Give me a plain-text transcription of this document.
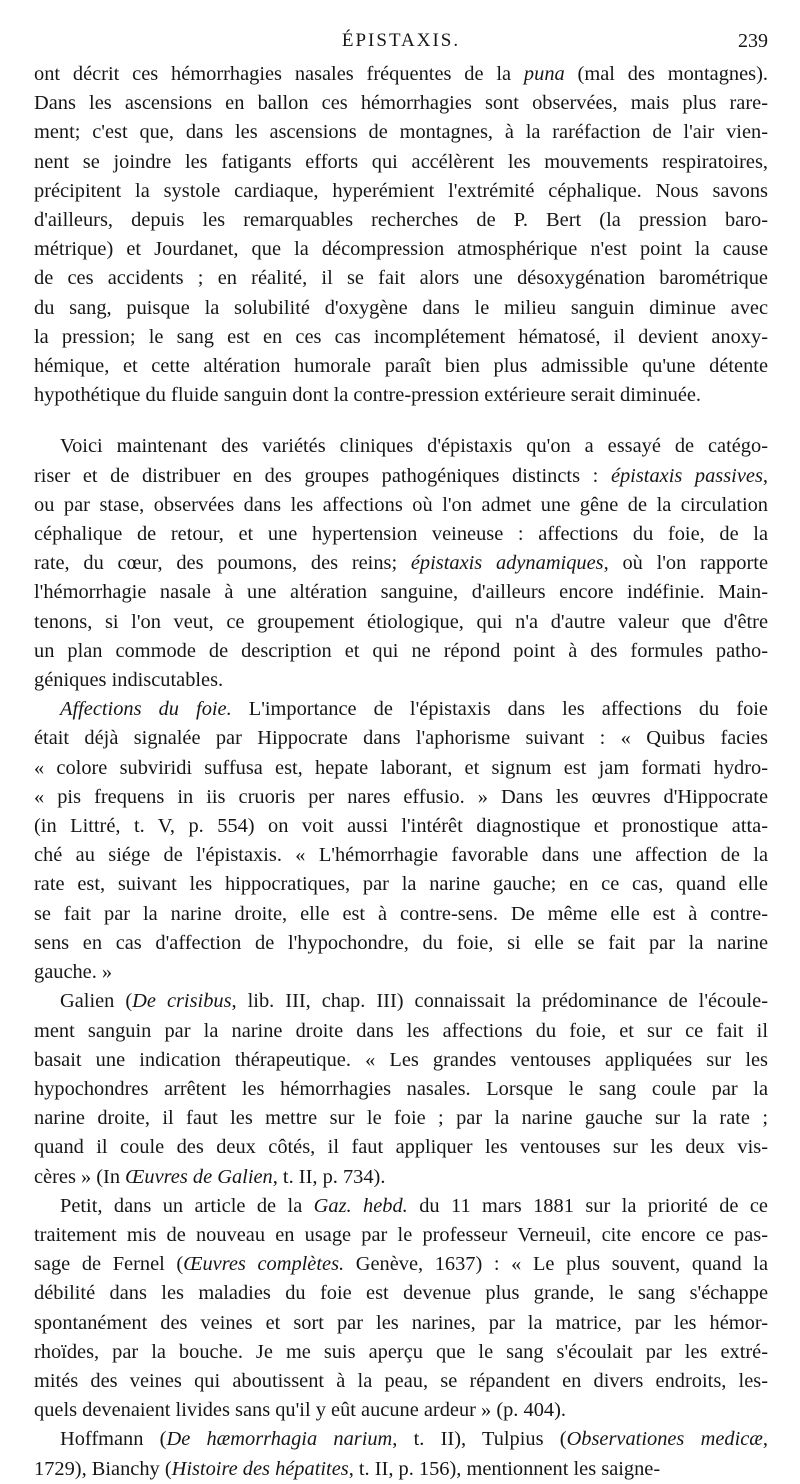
ÉPISTAXIS.	239

ont décrit ces hémorrhagies nasales fréquentes de la puna (mal des montagnes).
Dans les ascensions en ballon ces hémorrhagies sont observées, mais plus rare-
ment; c'est que, dans les ascensions de montagnes, à la raréfaction de l'air vien-
nent se joindre les fatigants efforts qui accélèrent les mouvements respiratoires,
précipitent la systole cardiaque, hyperémient l'extrémité céphalique. Nous savons
d'ailleurs, depuis les remarquables recherches de P. Bert (la pression baro-
métrique) et Jourdanet, que la décompression atmosphérique n'est point la cause
de ces accidents ; en réalité, il se fait alors une désoxygénation barométrique
du sang, puisque la solubilité d'oxygène dans le milieu sanguin diminue avec
la pression; le sang est en ces cas incomplétement hématosé, il devient anoxy-
hémique, et cette altération humorale paraît bien plus admissible qu'une détente
hypothétique du fluide sanguin dont la contre-pression extérieure serait diminuée.

Voici maintenant des variétés cliniques d'épistaxis qu'on a essayé de catégo-
riser et de distribuer en des groupes pathogéniques distincts : épistaxis passives,
ou par stase, observées dans les affections où l'on admet une gêne de la circulation
céphalique de retour, et une hypertension veineuse : affections du foie, de la
rate, du cœur, des poumons, des reins; épistaxis adynamiques, où l'on rapporte
l'hémorrhagie nasale à une altération sanguine, d'ailleurs encore indéfinie. Main-
tenons, si l'on veut, ce groupement étiologique, qui n'a d'autre valeur que d'être
un plan commode de description et qui ne répond point à des formules patho-
géniques indiscutables.

Affections du foie. L'importance de l'épistaxis dans les affections du foie
était déjà signalée par Hippocrate dans l'aphorisme suivant : « Quibus facies
« colore subviridi suffusa est, hepate laborant, et signum est jam formati hydro-
« pis frequens in iis cruoris per nares effusio. » Dans les œuvres d'Hippocrate
(in Littré, t. V, p. 554) on voit aussi l'intérêt diagnostique et pronostique atta-
ché au siége de l'épistaxis. « L'hémorrhagie favorable dans une affection de la
rate est, suivant les hippocratiques, par la narine gauche; en ce cas, quand elle
se fait par la narine droite, elle est à contre-sens. De même elle est à contre-
sens en cas d'affection de l'hypochondre, du foie, si elle se fait par la narine
gauche. »

Galien (De crisibus, lib. III, chap. III) connaissait la prédominance de l'écoule-
ment sanguin par la narine droite dans les affections du foie, et sur ce fait il
basait une indication thérapeutique. « Les grandes ventouses appliquées sur les
hypochondres arrêtent les hémorrhagies nasales. Lorsque le sang coule par la
narine droite, il faut les mettre sur le foie ; par la narine gauche sur la rate ;
quand il coule des deux côtés, il faut appliquer les ventouses sur les deux vis-
cères » (In Œuvres de Galien, t. II, p. 734).

Petit, dans un article de la Gaz. hebd. du 11 mars 1881 sur la priorité de ce
traitement mis de nouveau en usage par le professeur Verneuil, cite encore ce pas-
sage de Fernel (Œuvres complètes. Genève, 1637) : « Le plus souvent, quand la
débilité dans les maladies du foie est devenue plus grande, le sang s'échappe
spontanément des veines et sort par les narines, par la matrice, par les hémor-
rhoïdes, par la bouche. Je me suis aperçu que le sang s'écoulait par les extré-
mités des veines qui aboutissent à la peau, se répandent en divers endroits, les-
quels devenaient livides sans qu'il y eût aucune ardeur » (p. 404).

Hoffmann (De hæmorrhagia narium, t. II), Tulpius (Observationes medicæ,
1729), Bianchy (Histoire des hépatites, t. II, p. 156), mentionnent les saigne-
